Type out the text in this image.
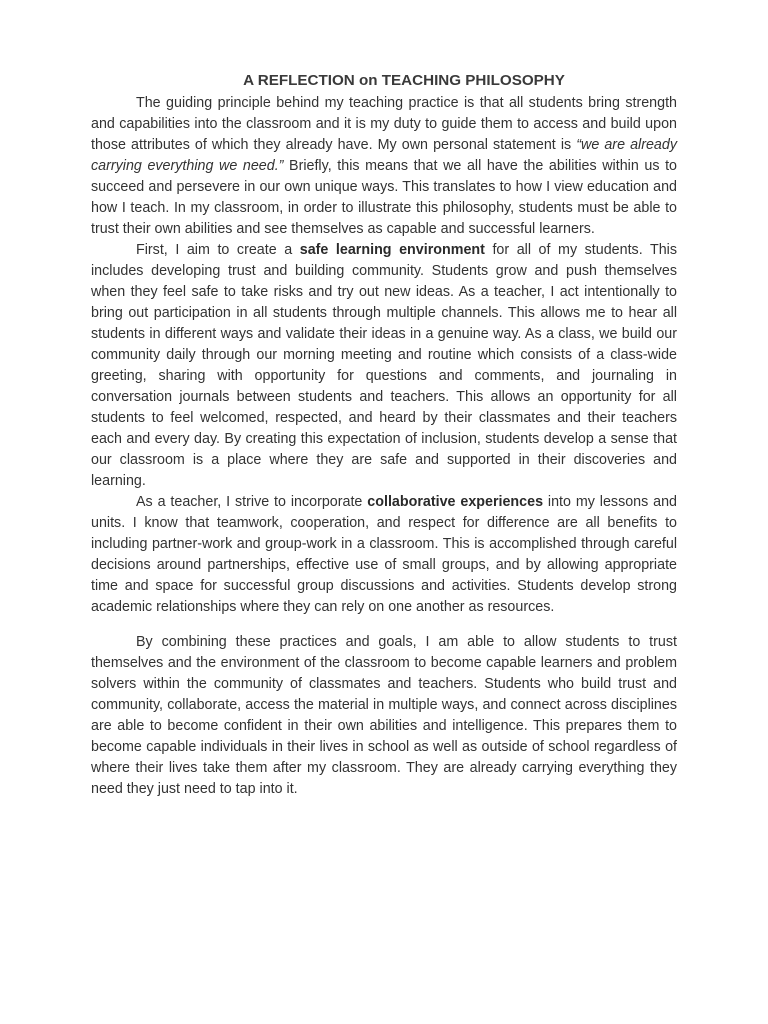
A REFLECTION on TEACHING PHILOSOPHY

The guiding principle behind my teaching practice is that all students bring strength and capabilities into the classroom and it is my duty to guide them to access and build upon those attributes of which they already have. My own personal statement is “we are already carrying everything we need.” Briefly, this means that we all have the abilities within us to succeed and persevere in our own unique ways. This translates to how I view education and how I teach. In my classroom, in order to illustrate this philosophy, students must be able to trust their own abilities and see themselves as capable and successful learners.

First, I aim to create a safe learning environment for all of my students. This includes developing trust and building community. Students grow and push themselves when they feel safe to take risks and try out new ideas. As a teacher, I act intentionally to bring out participation in all students through multiple channels. This allows me to hear all students in different ways and validate their ideas in a genuine way. As a class, we build our community daily through our morning meeting and routine which consists of a class-wide greeting, sharing with opportunity for questions and comments, and journaling in conversation journals between students and teachers. This allows an opportunity for all students to feel welcomed, respected, and heard by their classmates and their teachers each and every day. By creating this expectation of inclusion, students develop a sense that our classroom is a place where they are safe and supported in their discoveries and learning.

As a teacher, I strive to incorporate collaborative experiences into my lessons and units. I know that teamwork, cooperation, and respect for difference are all benefits to including partner-work and group-work in a classroom. This is accomplished through careful decisions around partnerships, effective use of small groups, and by allowing appropriate time and space for successful group discussions and activities. Students develop strong academic relationships where they can rely on one another as resources.

By combining these practices and goals, I am able to allow students to trust themselves and the environment of the classroom to become capable learners and problem solvers within the community of classmates and teachers. Students who build trust and community, collaborate, access the material in multiple ways, and connect across disciplines are able to become confident in their own abilities and intelligence. This prepares them to become capable individuals in their lives in school as well as outside of school regardless of where their lives take them after my classroom. They are already carrying everything they need they just need to tap into it.
